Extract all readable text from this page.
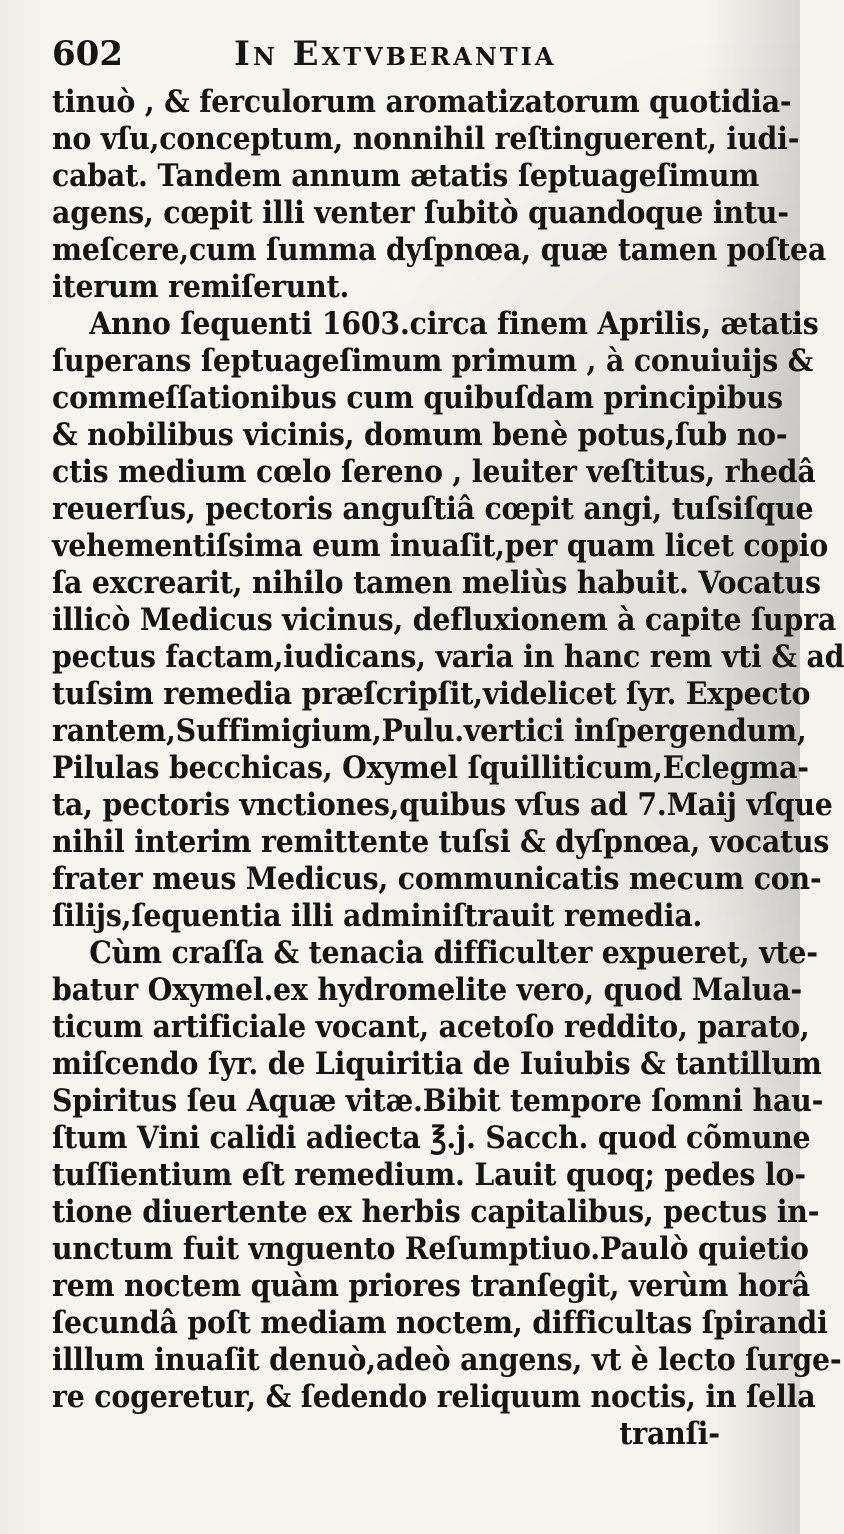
602	In Extvberantia
tinuò , & ferculorum aromatizatorum quotidia-
no vſu,conceptum, nonnihil reſtinguerent, iudi-
cabat. Tandem annum ætatis ſeptuageſimum
agens, cœpit illi venter ſubitò quandoque intu-
meſcere,cum ſumma dyſpnœa, quæ tamen poſtea
iterum remiſerunt.
Anno ſequenti 1603.circa finem Aprilis, ætatis
ſuperans ſeptuageſimum primum , à conuiuijs &
commeſſationibus cum quibuſdam principibus
& nobilibus vicinis, domum benè potus,ſub no-
ctis medium cœlo ſereno , leuiter veſtitus, rhedâ
reuerſus, pectoris anguſtiâ cœpit angi, tuſsiſque
vehementiſsima eum inuaſit,per quam licet copio
ſa excrearit, nihilo tamen meliùs habuit. Vocatus
illicò Medicus vicinus, defluxionem à capite ſupra
pectus factam,iudicans, varia in hanc rem vti & ad
tuſsim remedia præſcripſit,videlicet ſyr. Expecto
rantem,Suffimigium,Pulu.vertici inſpergendum,
Pilulas becchicas, Oxymel ſquilliticum,Eclegma-
ta, pectoris vnctiones,quibus vſus ad 7.Maij vſque
nihil interim remittente tuſsi & dyſpnœa, vocatus
frater meus Medicus, communicatis mecum con-
ſilijs,ſequentia illi adminiſtrauit remedia.
Cùm craſſa & tenacia difficulter expueret, vte-
batur Oxymel.ex hydromelite vero, quod Malua-
ticum artificiale vocant, acetoſo reddito, parato,
miſcendo ſyr. de Liquiritia de Iuiubis & tantillum
Spiritus ſeu Aquæ vitæ.Bibit tempore ſomni hau-
ſtum Vini calidi adiecta ℥.j. Sacch. quod cõmune
tuſſientium eſt remedium. Lauit quoq; pedes lo-
tione diuertente ex herbis capitalibus, pectus in-
unctum fuit vnguento Reſumptiuo.Paulò quietio
rem noctem quàm priores tranſegit, verùm horâ
ſecundâ poſt mediam noctem, difficultas ſpirandi
illlum inuaſit denuò,adeò angens, vt è lecto ſurge-
re cogeretur, & ſedendo reliquum noctis, in ſella
tranſi-
